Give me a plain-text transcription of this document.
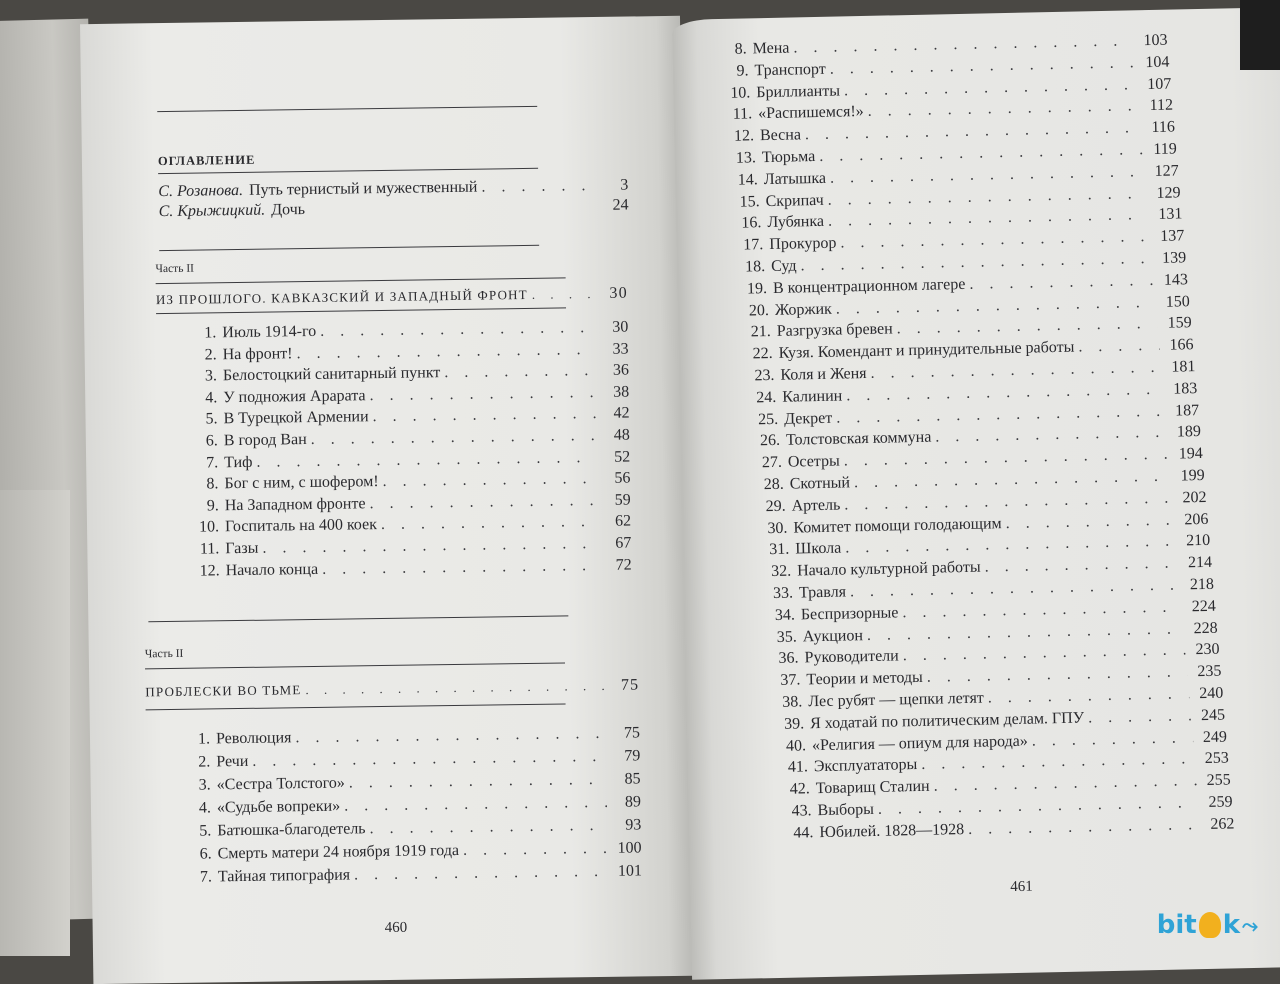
ОГЛАВЛЕНИЕ
С. Розанова. Путь тернистый и мужественный . . .	3
С. Крыжицкий. Дочь	24
Часть II
ИЗ ПРОШЛОГО. КАВКАЗСКИЙ И ЗАПАДНЫЙ ФРОНТ . . .	30
1. Июль 1914-го . . .	30
2. На фронт! . . .	33
3. Белостоцкий санитарный пункт . . .	36
4. У подножия Арарата . . .	38
5. В Турецкой Армении . . .	42
6. В город Ван . . .	48
7. Тиф . . .	52
8. Бог с ним, с шофером! . . .	56
9. На Западном фронте . . .	59
10. Госпиталь на 400 коек . . .	62
11. Газы . . .	67
12. Начало конца . . .	72
Часть II
ПРОБЛЕСКИ ВО ТЬМЕ . . .	75
1. Революция . . .	75
2. Речи . . .	79
3. «Сестра Толстого» . . .	85
4. «Судьбе вопреки» . . .	89
5. Батюшка-благодетель . . .	93
6. Смерть матери 24 ноября 1919 года . . .	100
7. Тайная типография . . .	101
460
8. Мена . . .	103
9. Транспорт . . .	104
10. Бриллианты . . .	107
11. «Распишемся!» . . .	112
12. Весна . . .	116
13. Тюрьма . . .	119
14. Латышка . . .	127
15. Скрипач . . .	129
16. Лубянка . . .	131
17. Прокурор . . .	137
18. Суд . . .	139
19. В концентрационном лагере . . .	143
20. Жоржик . . .	150
21. Разгрузка бревен . . .	159
22. Кузя. Комендант и принудительные работы . . .	166
23. Коля и Женя . . .	181
24. Калинин . . .	183
25. Декрет . . .	187
26. Толстовская коммуна . . .	189
27. Осетры . . .	194
28. Скотный . . .	199
29. Артель . . .	202
30. Комитет помощи голодающим . . .	206
31. Школа . . .	210
32. Начало культурной работы . . .	214
33. Травля . . .	218
34. Беспризорные . . .	224
35. Аукцион . . .	228
36. Руководители . . .	230
37. Теории и методы . . .	235
38. Лес рубят — щепки летят . . .	240
39. Я ходатай по политическим делам. ГПУ . . .	245
40. «Религия — опиум для народа» . . .	249
41. Эксплуататоры . . .	253
42. Товарищ Сталин . . .	255
43. Выборы . . .	259
44. Юбилей. 1828—1928 . . .	262
461
bit k ⤳
